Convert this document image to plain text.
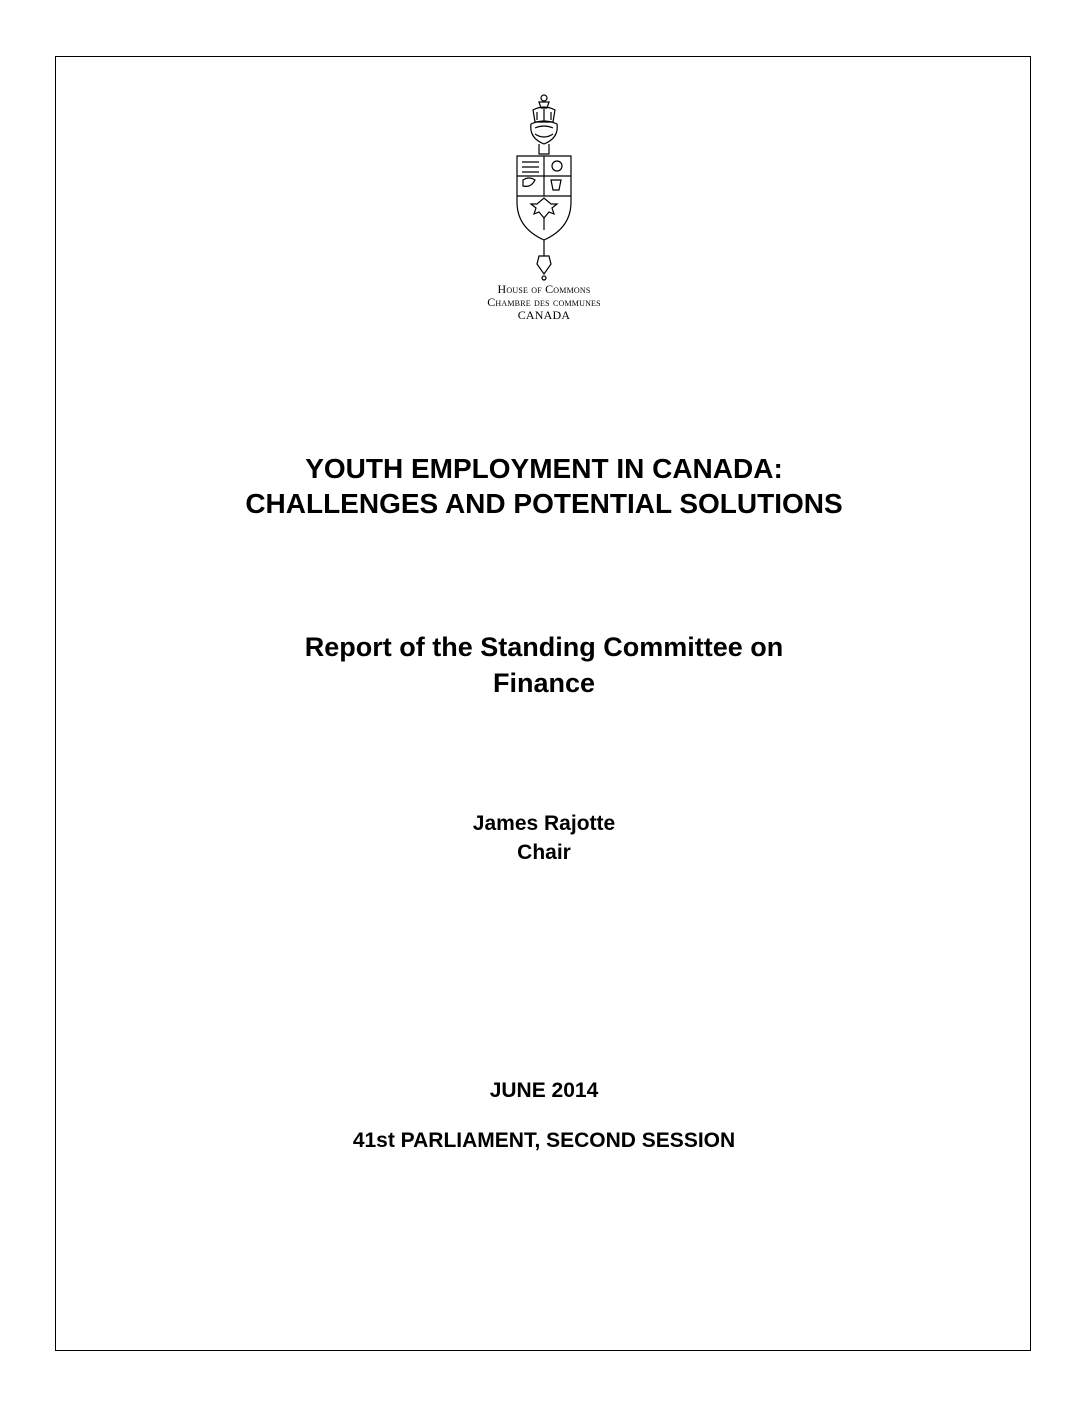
House of Commons
Chambre des communes
CANADA
YOUTH EMPLOYMENT IN CANADA:
CHALLENGES AND POTENTIAL SOLUTIONS
Report of the Standing Committee on
Finance
James Rajotte
Chair
JUNE 2014
41st PARLIAMENT, SECOND SESSION
